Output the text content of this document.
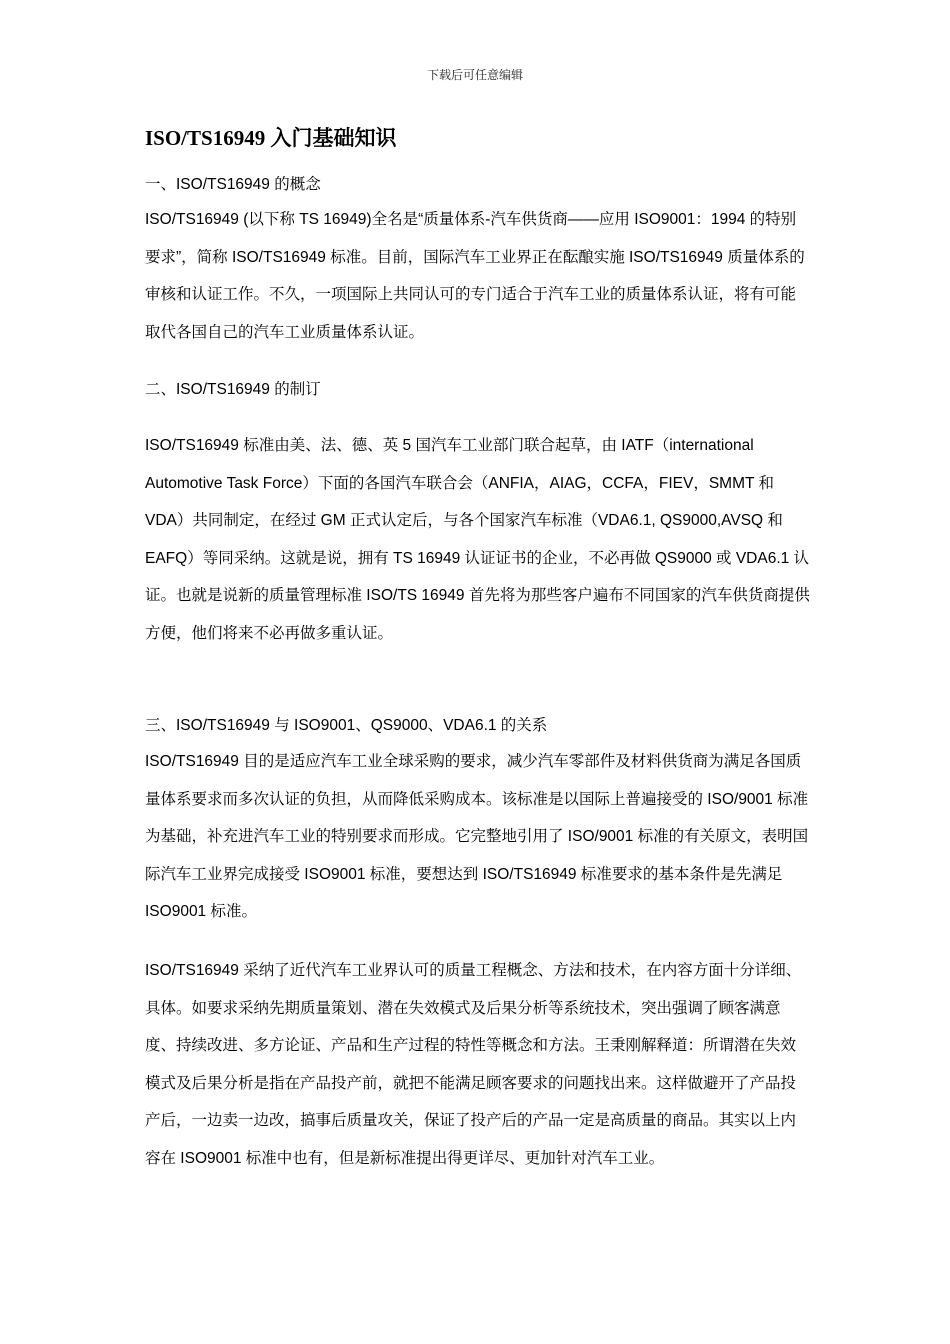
下载后可任意编辑
ISO/TS16949 入门基础知识

一、ISO/TS16949 的概念

ISO/TS16949 (以下称 TS 16949)全名是“质量体系-汽车供货商——应用 ISO9001：1994 的特别要求”，简称 ISO/TS16949 标准。目前，国际汽车工业界正在酝酿实施 ISO/TS16949 质量体系的审核和认证工作。不久，一项国际上共同认可的专门适合于汽车工业的质量体系认证，将有可能取代各国自己的汽车工业质量体系认证。

二、ISO/TS16949 的制订

ISO/TS16949 标准由美、法、德、英 5 国汽车工业部门联合起草，由 IATF（international Automotive Task Force）下面的各国汽车联合会（ANFIA，AIAG，CCFA，FIEV，SMMT 和 VDA）共同制定，在经过 GM 正式认定后，与各个国家汽车标准（VDA6.1, QS9000,AVSQ 和 EAFQ）等同采纳。这就是说，拥有 TS 16949 认证证书的企业，不必再做 QS9000 或 VDA6.1 认证。也就是说新的质量管理标准 ISO/TS 16949 首先将为那些客户遍布不同国家的汽车供货商提供方便，他们将来不必再做多重认证。

三、ISO/TS16949 与 ISO9001、QS9000、VDA6.1 的关系

ISO/TS16949 目的是适应汽车工业全球采购的要求，减少汽车零部件及材料供货商为满足各国质量体系要求而多次认证的负担，从而降低采购成本。该标准是以国际上普遍接受的 ISO/9001 标准为基础，补充进汽车工业的特别要求而形成。它完整地引用了 ISO/9001 标准的有关原文，表明国际汽车工业界完成接受 ISO9001 标准，要想达到 ISO/TS16949 标准要求的基本条件是先满足 ISO9001 标准。

ISO/TS16949 采纳了近代汽车工业界认可的质量工程概念、方法和技术，在内容方面十分详细、具体。如要求采纳先期质量策划、潜在失效模式及后果分析等系统技术，突出强调了顾客满意度、持续改进、多方论证、产品和生产过程的特性等概念和方法。王秉刚解释道：所谓潜在失效模式及后果分析是指在产品投产前，就把不能满足顾客要求的问题找出来。这样做避开了产品投产后，一边卖一边改，搞事后质量攻关，保证了投产后的产品一定是高质量的商品。其实以上内容在 ISO9001 标准中也有，但是新标准提出得更详尽、更加针对汽车工业。
